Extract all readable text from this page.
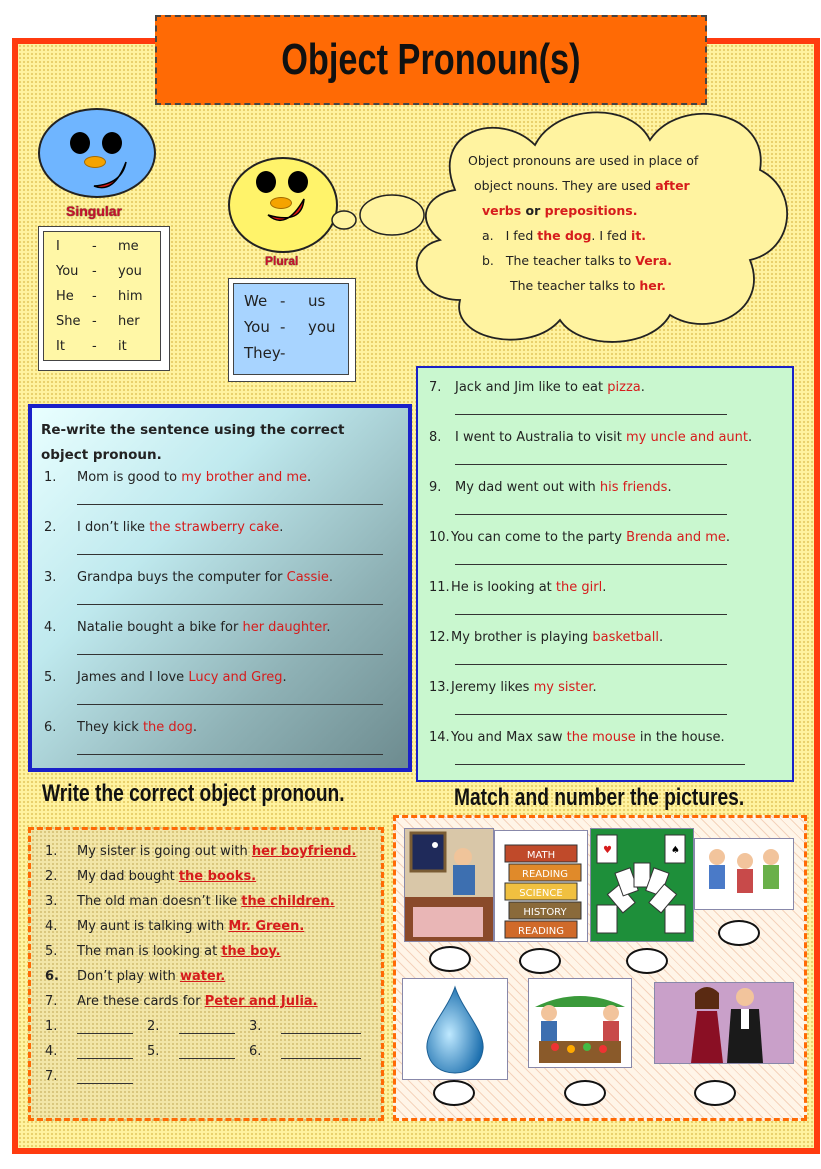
Object Pronoun(s)
Singular
I	-	me
You	-	you
He	-	him
She -	her
It	-	it
Plural
We -	us
You -	you
They -
Object pronouns are used in place of
object nouns. They are used after
verbs or prepositions.
a. I fed the dog. I fed it.
b. The teacher talks to Vera.
The teacher talks to her.
Re-write the sentence using the correct object pronoun.
1. Mom is good to my brother and me.
2. I don’t like the strawberry cake.
3. Grandpa buys the computer for Cassie.
4. Natalie bought a bike for her daughter.
5. James and I love Lucy and Greg.
6. They kick the dog.
7. Jack and Jim like to eat pizza.
8. I went to Australia to visit my uncle and aunt.
9. My dad went out with his friends.
10.You can come to the party Brenda and me.
11.He is looking at the girl.
12.My brother is playing basketball.
13.Jeremy likes my sister.
14.You and Max saw the mouse in the house.
Write the correct object pronoun.	Match and number the pictures.
1. My sister is going out with her boyfriend.
2. My dad bought the books.
3. The old man doesn’t like the children.
4. My aunt is talking with Mr. Green.
5. The man is looking at the boy.
6. Don’t play with water.
7. Are these cards for Peter and Julia.
1.	2.	3.
4.	5.	6.
7.
MATH
READING
SCIENCE
HISTORY
READING
♥	♠
